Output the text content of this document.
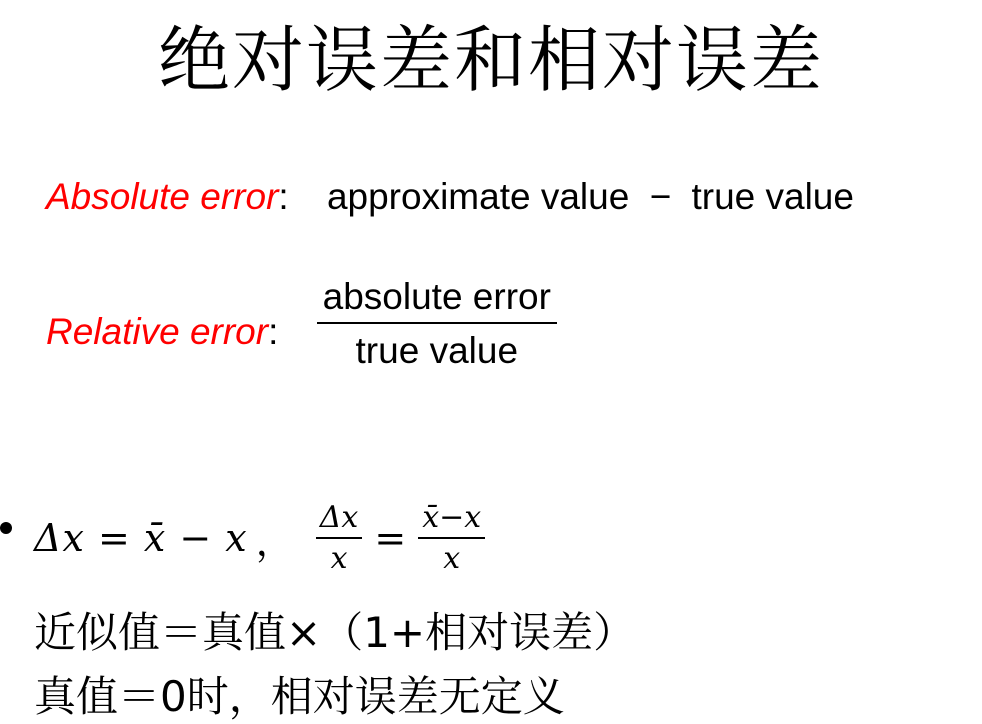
绝对误差和相对误差
Absolute error: approximate value − true value
Relative error: $\frac{\text{absolute error}}{\text{true value}}$
Δ𝑥 = 𝑥̄ − 𝑥 ，
Δ𝑥
𝑥 = 𝑥̄−𝑥
𝑥
近似值＝真值×（1+相对误差）
真值＝0时，相对误差无定义
